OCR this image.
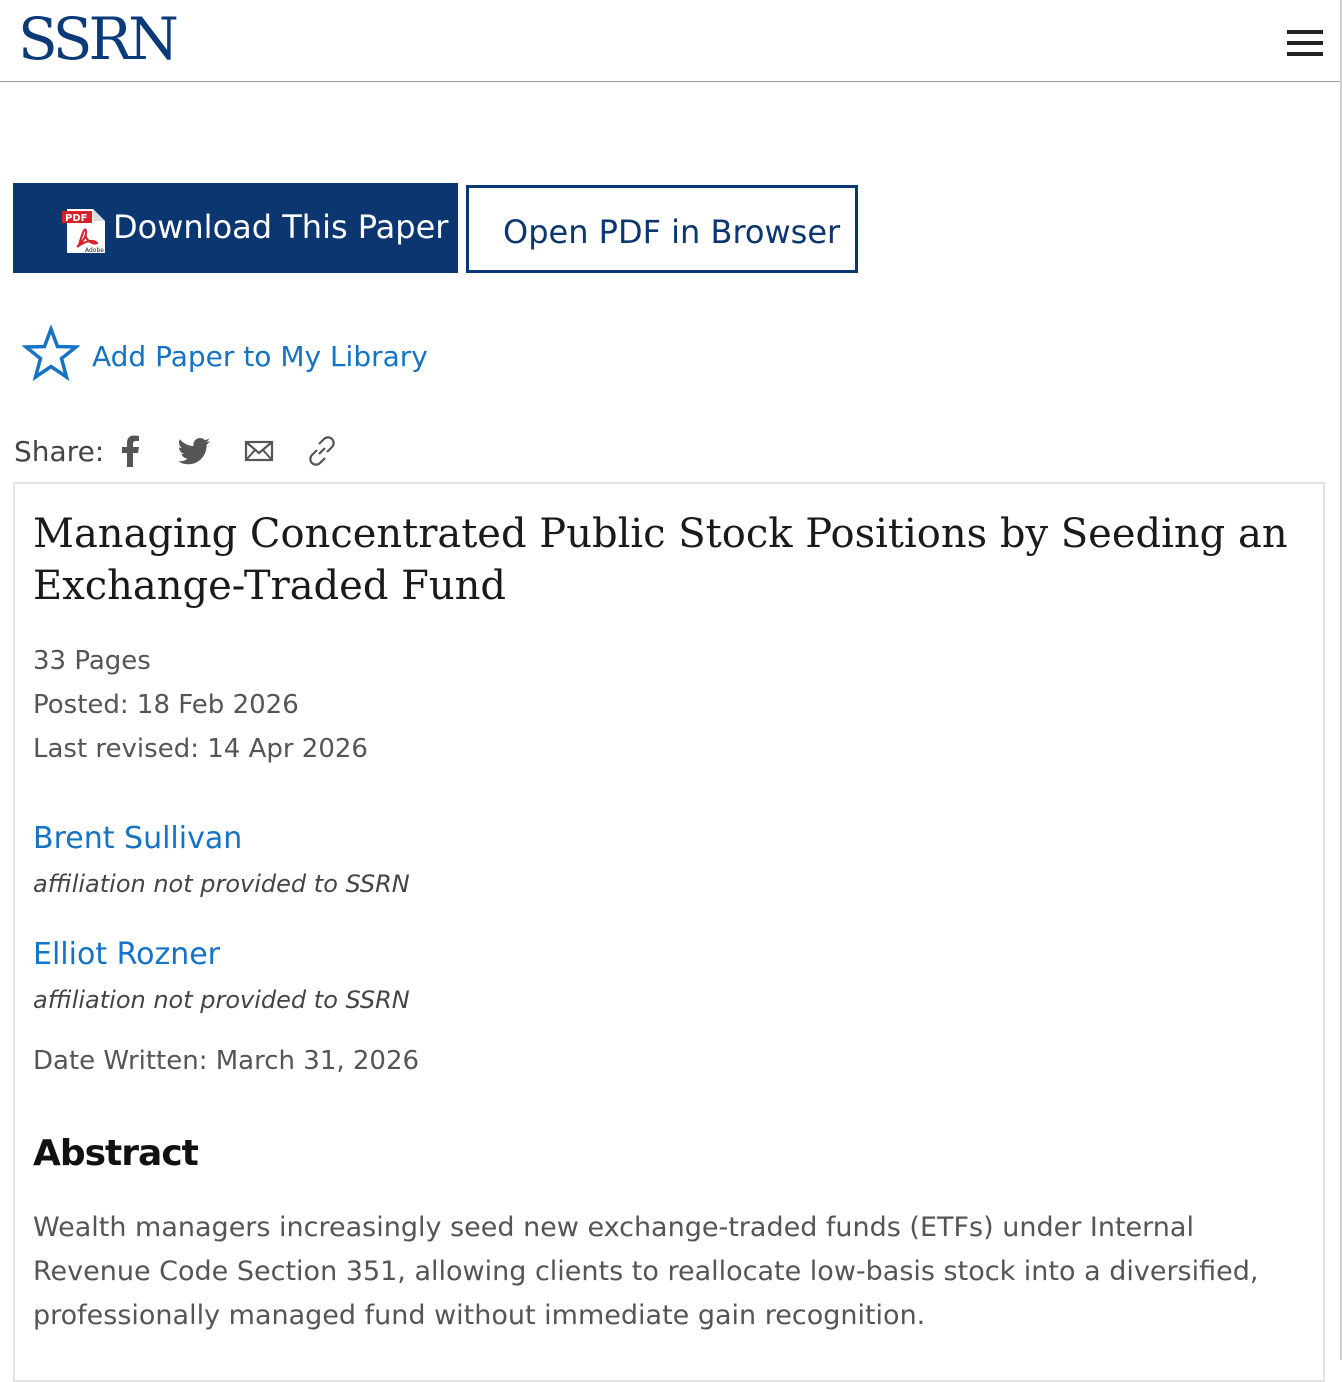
SSRN
PDF
Adobe
Download This Paper Open PDF in Browser
Add Paper to My Library
Share:
Managing Concentrated Public Stock Positions by Seeding an Exchange-Traded Fund
33 Pages
Posted: 18 Feb 2026
Last revised: 14 Apr 2026
Brent Sullivan
affiliation not provided to SSRN
Elliot Rozner
affiliation not provided to SSRN
Date Written: March 31, 2026
Abstract
Wealth managers increasingly seed new exchange-traded funds (ETFs) under Internal Revenue Code Section 351, allowing clients to reallocate low-basis stock into a diversified, professionally managed fund without immediate gain recognition.
